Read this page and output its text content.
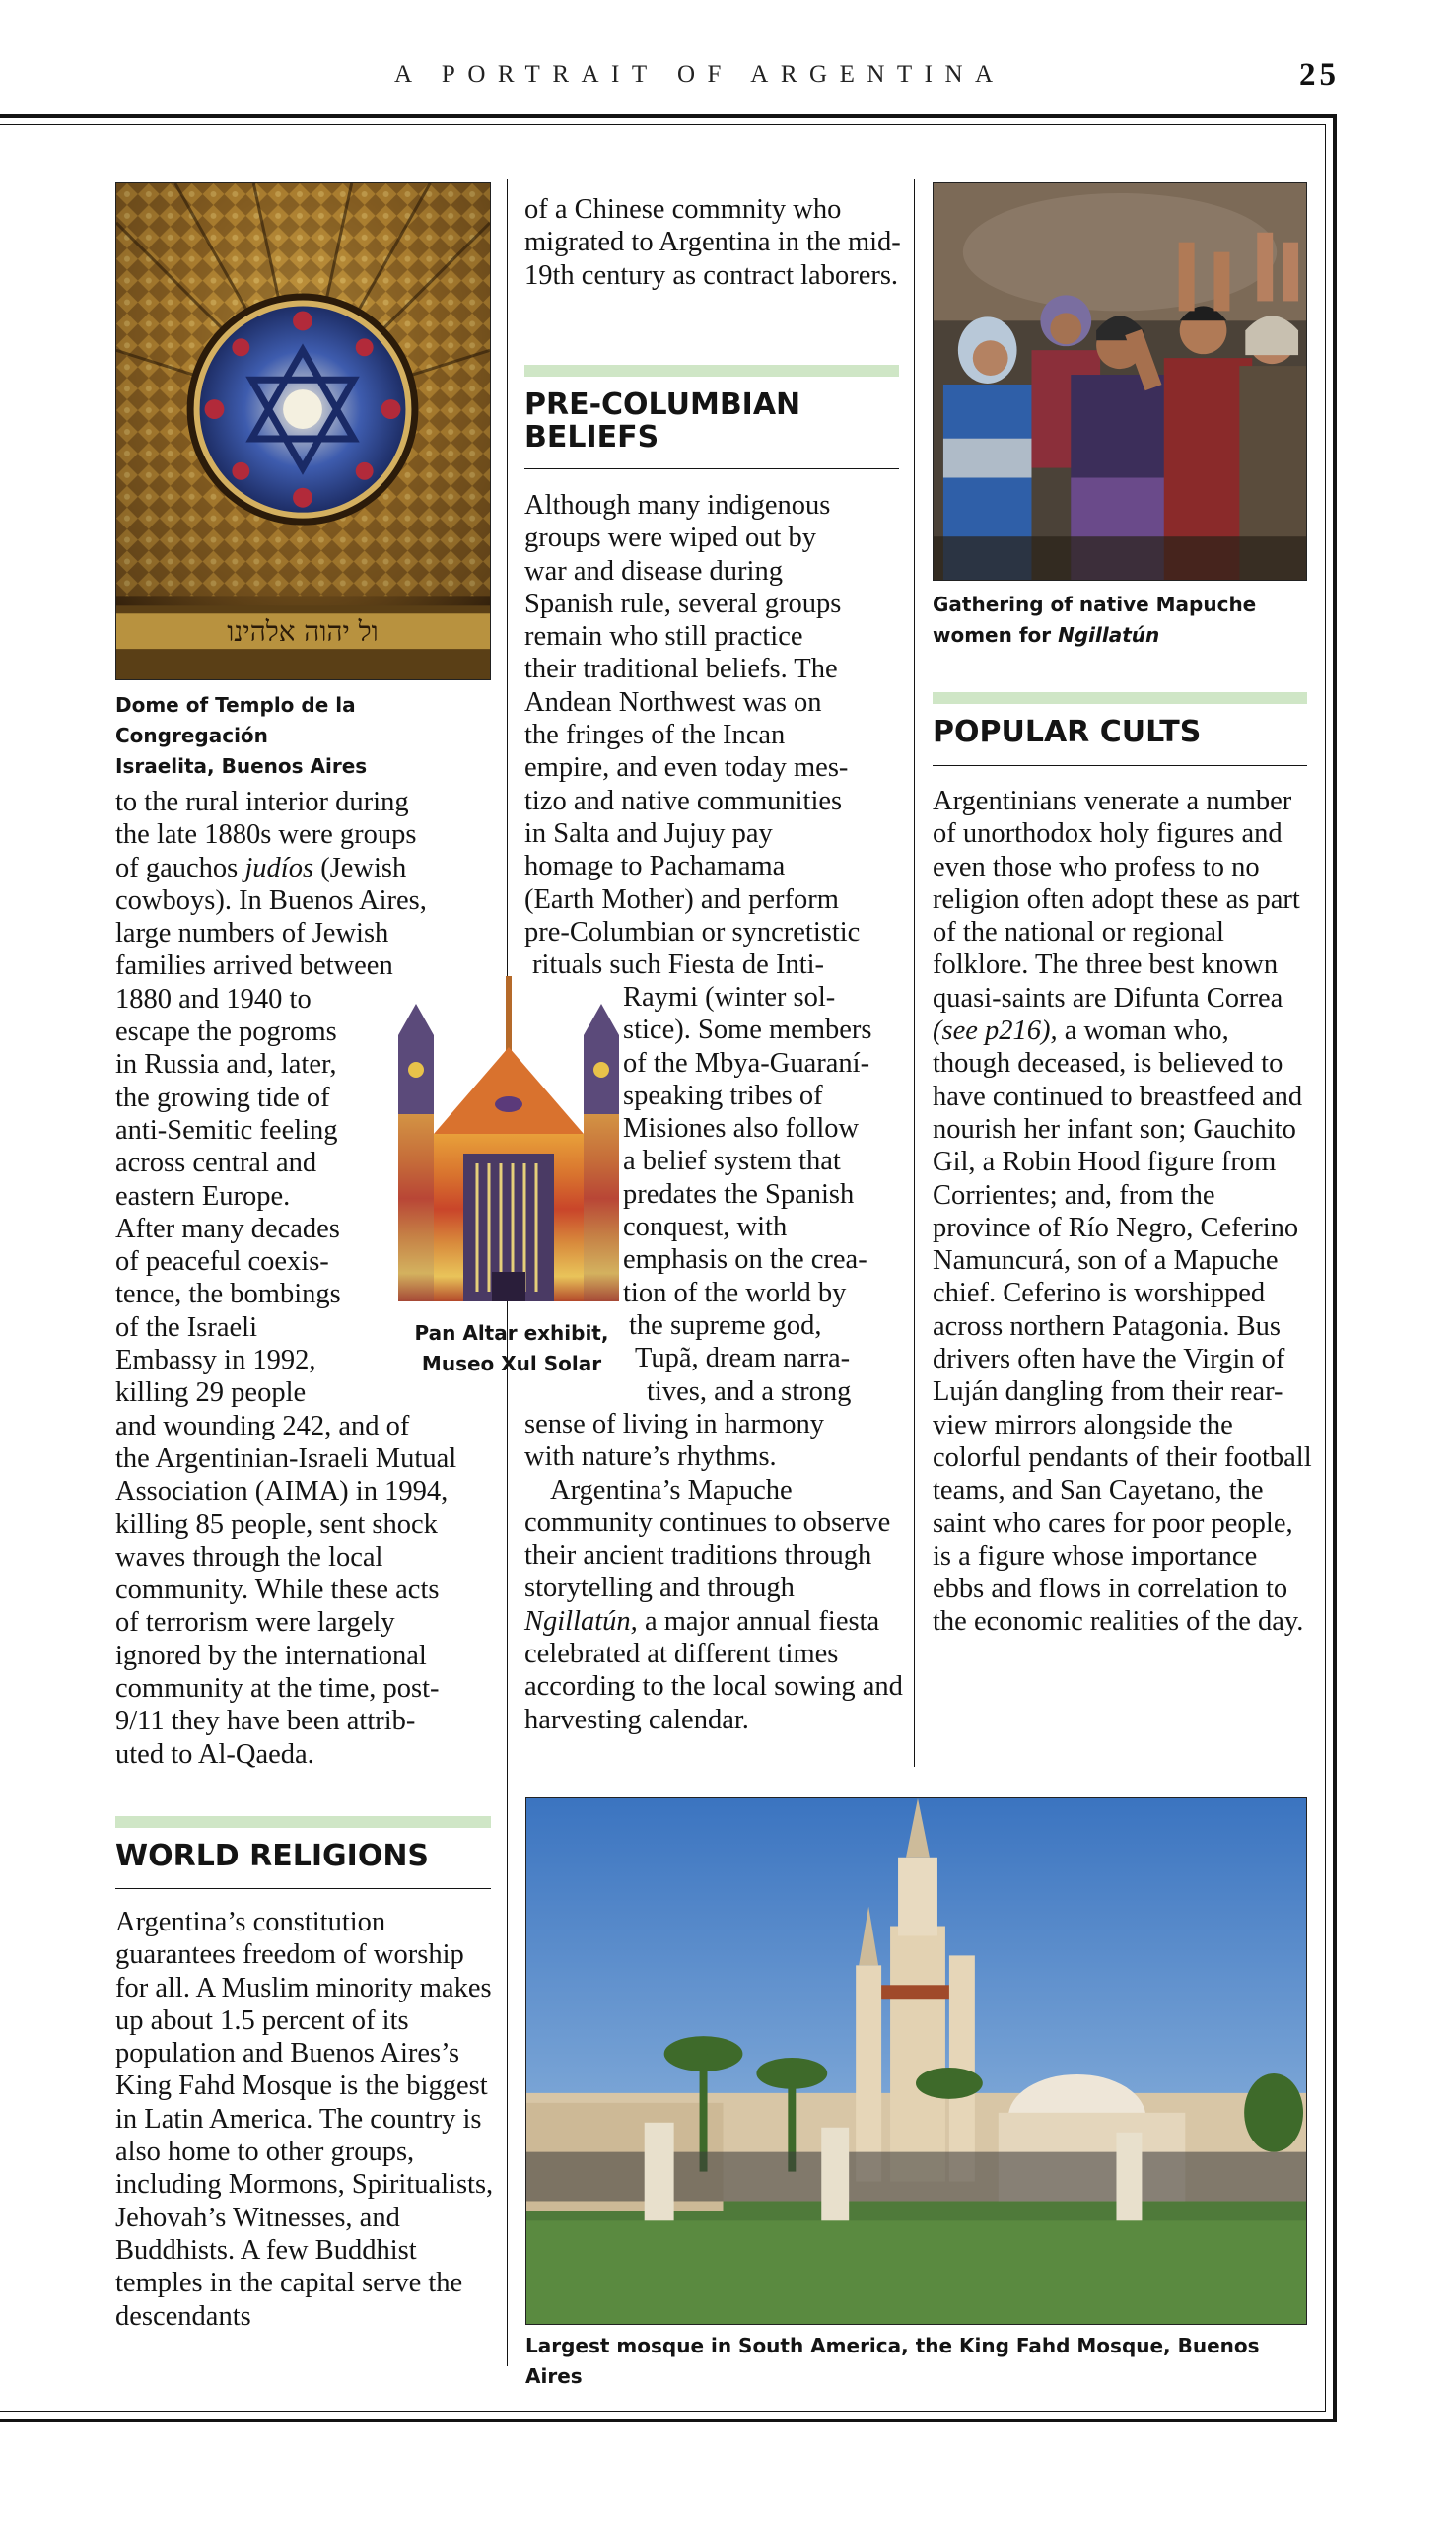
A PORTRAIT OF ARGENTINA	25
ול יהוה אלהינו
Dome of Templo de la Congregación
Israelita, Buenos Aires
to the rural interior during
the late 1880s were groups
of gauchos judíos (Jewish
cowboys). In Buenos Aires,
large numbers of Jewish
families arrived between
1880 and 1940 to
escape the pogroms
in Russia and, later,
the growing tide of
anti-Semitic feeling
across central and
eastern Europe.
After many decades
of peaceful coexis-
tence, the bombings
of the Israeli
Embassy in 1992,
killing 29 people
and wounding 242, and of
the Argentinian-Israeli Mutual
Association (AIMA) in 1994,
killing 85 people, sent shock
waves through the local
community. While these acts
of terrorism were largely
ignored by the international
community at the time, post-
9/11 they have been attrib-
uted to Al-Qaeda.
WORLD RELIGIONS

Argentina’s constitution guarantees freedom of worship for all. A Muslim minority makes up about 1.5 percent of its population and Buenos Aires’s King Fahd Mosque is the biggest in Latin America. The country is also home to other groups, including Mormons, Spiritualists, Jehovah’s Witnesses, and Buddhists. A few Buddhist temples in the capital serve the descendants

of a Chinese commnity who migrated to Argentina in the mid-19th century as contract laborers.

PRE-COLUMBIAN
BELIEFS
Although many indigenous
groups were wiped out by
war and disease during
Spanish rule, several groups
remain who still practice
their traditional beliefs. The
Andean Northwest was on
the fringes of the Incan
empire, and even today mes-
tizo and native communities
in Salta and Jujuy pay
homage to Pachamama
(Earth Mother) and perform
pre-Columbian or syncretistic
rituals such Fiesta de Inti-
Raymi (winter sol-
stice). Some members
of the Mbya-Guaraní-
speaking tribes of
Misiones also follow
a belief system that
predates the Spanish
conquest, with
emphasis on the crea-
tion of the world by
the supreme god,
Tupã, dream narra-
tives, and a strong
sense of living in harmony
with nature’s rhythms.

Argentina’s Mapuche community continues to observe their ancient traditions through storytelling and through Ngillatún, a major annual fiesta celebrated at different times according to the local sowing and harvesting calendar.

Pan Altar exhibit,
Museo Xul Solar
Gathering of native Mapuche
women for Ngillatún
POPULAR CULTS

Argentinians venerate a number of unorthodox holy figures and even those who profess to no religion often adopt these as part of the national or regional folklore. The three best known quasi-saints are Difunta Correa (see p216), a woman who, though deceased, is believed to have continued to breastfeed and nourish her infant son; Gauchito Gil, a Robin Hood figure from Corrientes; and, from the province of Río Negro, Ceferino Namuncurá, son of a Mapuche chief. Ceferino is worshipped across northern Patagonia. Bus drivers often have the Virgin of Luján dangling from their rear-view mirrors alongside the colorful pendants of their football teams, and San Cayetano, the saint who cares for poor people, is a figure whose importance ebbs and flows in correlation to the economic realities of the day.

Largest mosque in South America, the King Fahd Mosque, Buenos Aires
